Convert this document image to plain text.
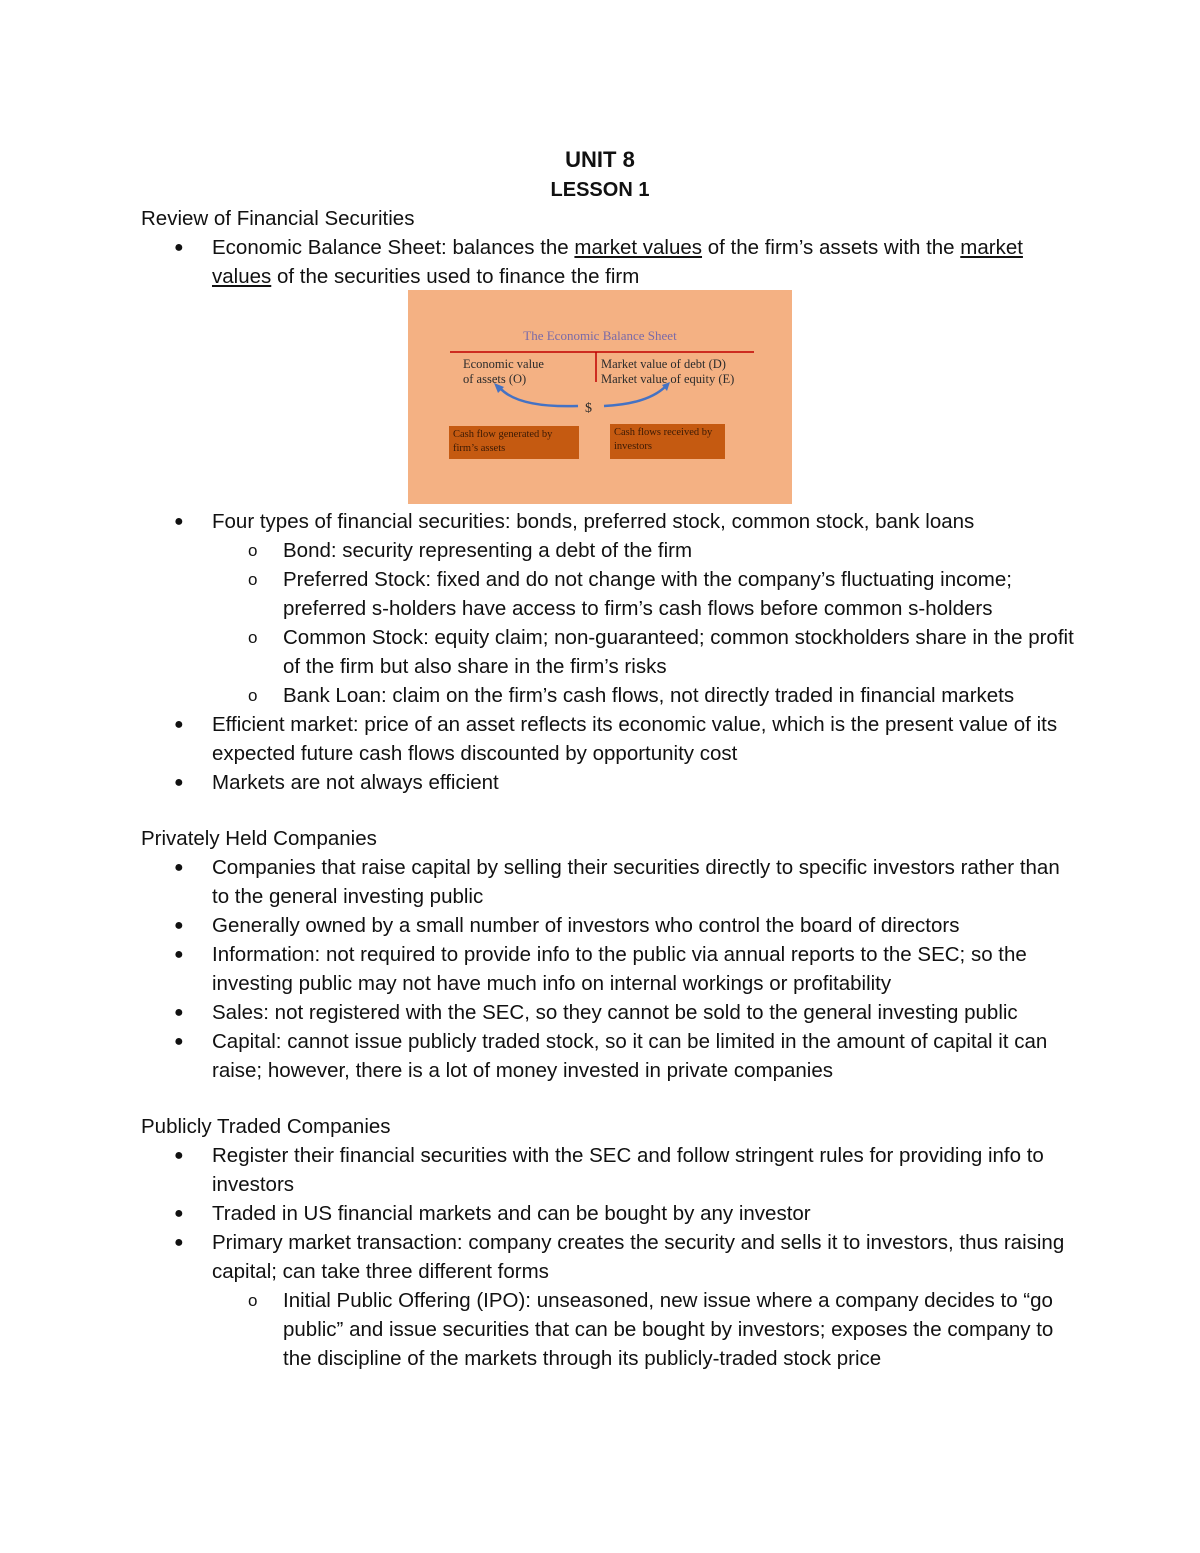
UNIT 8
LESSON 1
Review of Financial Securities
● Economic Balance Sheet: balances the market values of the firm’s assets with the market values of the securities used to finance the firm
The Economic Balance Sheet
Economic value
of assets (O)
Market value of debt (D)
Market value of equity (E)
$
Cash flow generated by firm’s assets
Cash flows received by investors
● Four types of financial securities: bonds, preferred stock, common stock, bank loans
o Bond: security representing a debt of the firm
o Preferred Stock: fixed and do not change with the company’s fluctuating income; preferred s-holders have access to firm’s cash flows before common s-holders
o Common Stock: equity claim; non-guaranteed; common stockholders share in the profit of the firm but also share in the firm’s risks
o Bank Loan: claim on the firm’s cash flows, not directly traded in financial markets
● Efficient market: price of an asset reflects its economic value, which is the present value of its expected future cash flows discounted by opportunity cost
● Markets are not always efficient
Privately Held Companies
● Companies that raise capital by selling their securities directly to specific investors rather than to the general investing public
● Generally owned by a small number of investors who control the board of directors
● Information: not required to provide info to the public via annual reports to the SEC; so the investing public may not have much info on internal workings or profitability
● Sales: not registered with the SEC, so they cannot be sold to the general investing public
● Capital: cannot issue publicly traded stock, so it can be limited in the amount of capital it can raise; however, there is a lot of money invested in private companies
Publicly Traded Companies
● Register their financial securities with the SEC and follow stringent rules for providing info to investors
● Traded in US financial markets and can be bought by any investor
● Primary market transaction: company creates the security and sells it to investors, thus raising capital; can take three different forms
o Initial Public Offering (IPO): unseasoned, new issue where a company decides to “go public” and issue securities that can be bought by investors; exposes the company to the discipline of the markets through its publicly-traded stock price
